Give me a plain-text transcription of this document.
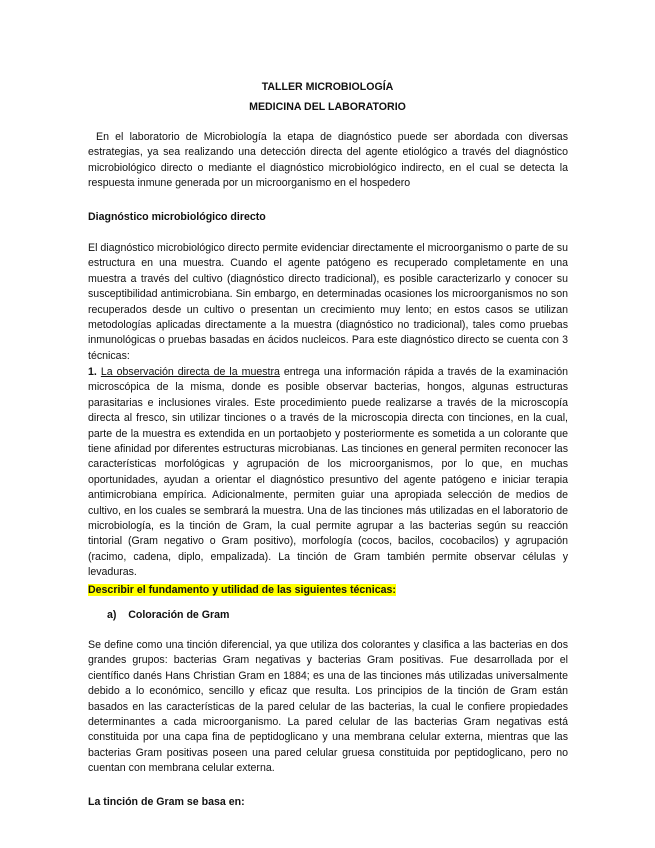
TALLER MICROBIOLOGÍA

MEDICINA DEL LABORATORIO

En el laboratorio de Microbiología la etapa de diagnóstico puede ser abordada con diversas estrategias, ya sea realizando una detección directa del agente etiológico a través del diagnóstico microbiológico directo o mediante el diagnóstico microbiológico indirecto, en el cual se detecta la respuesta inmune generada por un microorganismo en el hospedero

Diagnóstico microbiológico directo

El diagnóstico microbiológico directo permite evidenciar directamente el microorganismo o parte de su estructura en una muestra. Cuando el agente patógeno es recuperado completamente en una muestra a través del cultivo (diagnóstico directo tradicional), es posible caracterizarlo y conocer su susceptibilidad antimicrobiana. Sin embargo, en determinadas ocasiones los microorganismos no son recuperados desde un cultivo o presentan un crecimiento muy lento; en estos casos se utilizan metodologías aplicadas directamente a la muestra (diagnóstico no tradicional), tales como pruebas inmunológicas o pruebas basadas en ácidos nucleicos. Para este diagnóstico directo se cuenta con 3 técnicas:

1. La observación directa de la muestra entrega una información rápida a través de la examinación microscópica de la misma, donde es posible observar bacterias, hongos, algunas estructuras parasitarias e inclusiones virales. Este procedimiento puede realizarse a través de la microscopía directa al fresco, sin utilizar tinciones o a través de la microscopia directa con tinciones, en la cual, parte de la muestra es extendida en un portaobjeto y posteriormente es sometida a un colorante que tiene afinidad por diferentes estructuras microbianas. Las tinciones en general permiten reconocer las características morfológicas y agrupación de los microorganismos, por lo que, en muchas oportunidades, ayudan a orientar el diagnóstico presuntivo del agente patógeno e iniciar terapia antimicrobiana empírica. Adicionalmente, permiten guiar una apropiada selección de medios de cultivo, en los cuales se sembrará la muestra. Una de las tinciones más utilizadas en el laboratorio de microbiología, es la tinción de Gram, la cual permite agrupar a las bacterias según su reacción tintorial (Gram negativo o Gram positivo), morfología (cocos, bacilos, cocobacilos) y agrupación (racimo, cadena, diplo, empalizada). La tinción de Gram también permite observar células y levaduras.

Describir el fundamento y utilidad de las siguientes técnicas:

a)    Coloración de Gram

Se define como una tinción diferencial, ya que utiliza dos colorantes y clasifica a las bacterias en dos grandes grupos: bacterias Gram negativas y bacterias Gram positivas. Fue desarrollada por el científico danés Hans Christian Gram en 1884; es una de las tinciones más utilizadas universalmente debido a lo económico, sencillo y eficaz que resulta. Los principios de la tinción de Gram están basados en las características de la pared celular de las bacterias, la cual le confiere propiedades determinantes a cada microorganismo. La pared celular de las bacterias Gram negativas está constituida por una capa fina de peptidoglicano y una membrana celular externa, mientras que las bacterias Gram positivas poseen una pared celular gruesa constituida por peptidoglicano, pero no cuentan con membrana celular externa.

La tinción de Gram se basa en:
